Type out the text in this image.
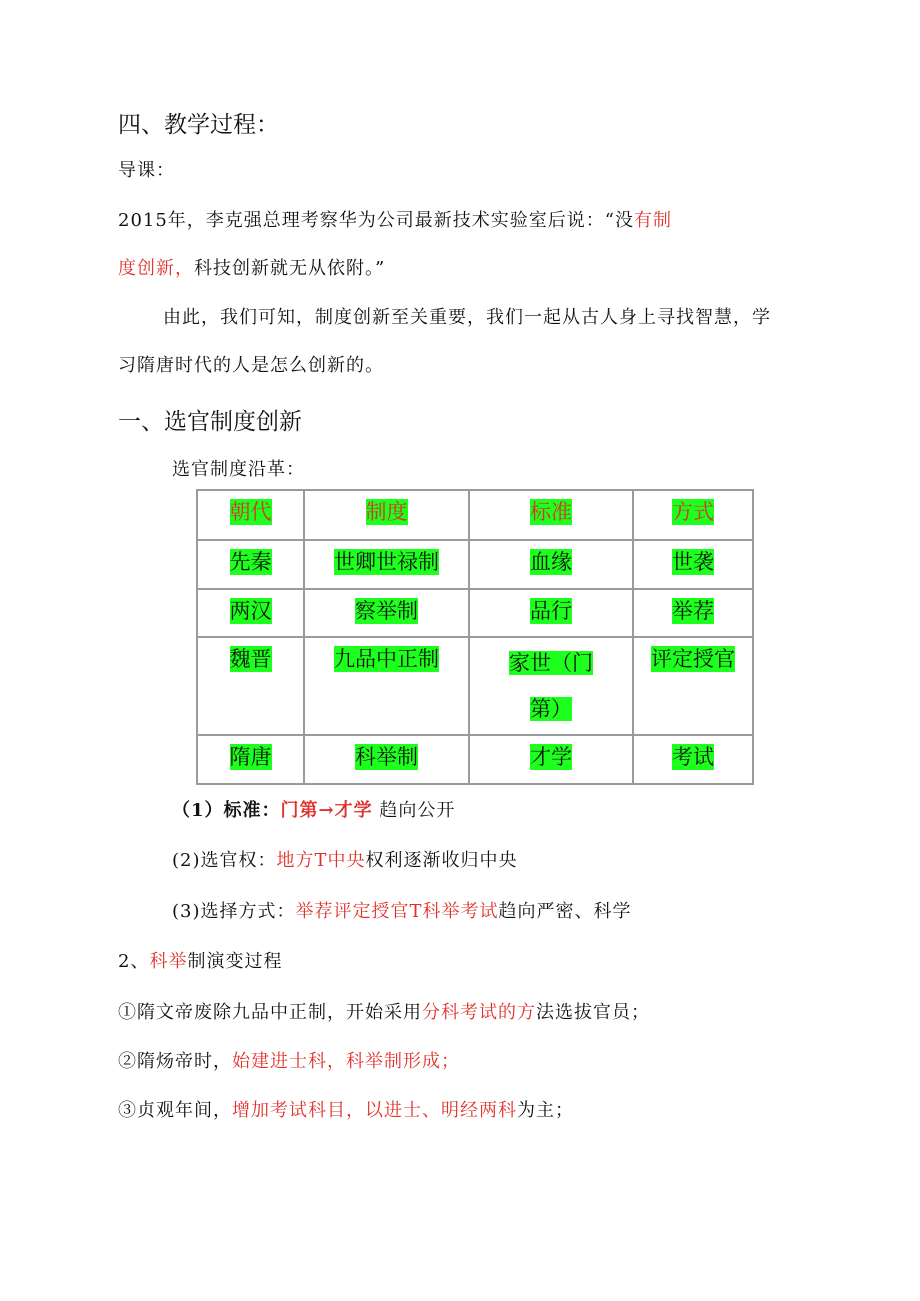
四、教学过程：
导课：
2015年，李克强总理考察华为公司最新技术实验室后说：“没有制
度创新，科技创新就无从依附。”
由此，我们可知，制度创新至关重要，我们一起从古人身上寻找智慧，学
习隋唐时代的人是怎么创新的。
一、选官制度创新
选官制度沿革：
朝代	制度	标准	方式
先秦	世卿世禄制	血缘	世袭
两汉	察举制	品行	举荐
魏晋	九品中正制	家世（门第）	评定授官
隋唐	科举制	才学	考试
（1）标准：门第→才学 趋向公开
(2)选官权：地方T中央权利逐渐收归中央
(3)选择方式：举荐评定授官T科举考试趋向严密、科学
2、科举制演变过程
①隋文帝废除九品中正制，开始采用分科考试的方法选拔官员；
②隋炀帝时，始建进士科，科举制形成；
③贞观年间，增加考试科目，以进士、明经两科为主；
